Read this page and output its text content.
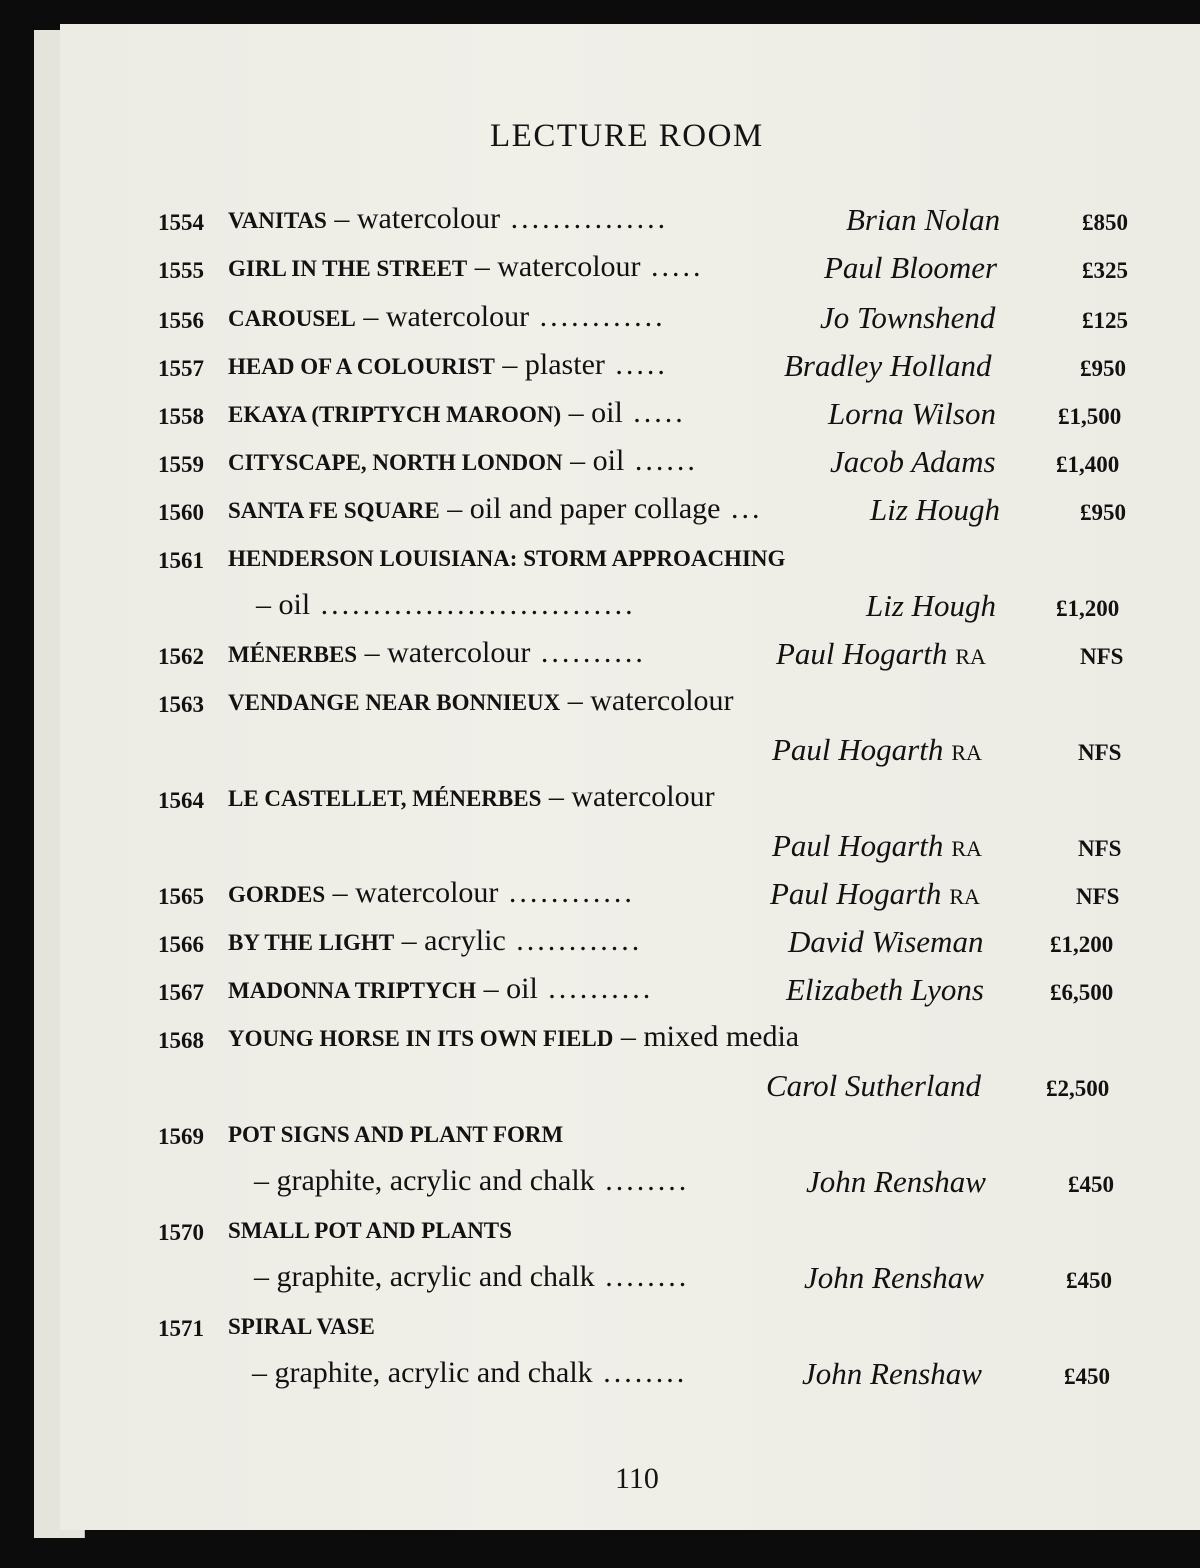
LECTURE ROOM
1554 VANITAS – watercolour ...............	Brian Nolan	£850
1555 GIRL IN THE STREET – watercolour .....	Paul Bloomer	£325
1556 CAROUSEL – watercolour ............	Jo Townshend	£125
1557 HEAD OF A COLOURIST – plaster .....	Bradley Holland	£950
1558 EKAYA (TRIPTYCH MAROON) – oil .....	Lorna Wilson	£1,500
1559 CITYSCAPE, NORTH LONDON – oil ......	Jacob Adams	£1,400
1560 SANTA FE SQUARE – oil and paper collage ...	Liz Hough	£950
1561 HENDERSON LOUISIANA: STORM APPROACHING
– oil ..............................	Liz Hough	£1,200
1562 MÉNERBES – watercolour ..........	Paul Hogarth RA	NFS
1563 VENDANGE NEAR BONNIEUX – watercolour
Paul Hogarth RA	NFS
1564 LE CASTELLET, MÉNERBES – watercolour
Paul Hogarth RA	NFS
1565 GORDES – watercolour ............	Paul Hogarth RA	NFS
1566 BY THE LIGHT – acrylic ............	David Wiseman	£1,200
1567 MADONNA TRIPTYCH – oil ..........	Elizabeth Lyons	£6,500
1568 YOUNG HORSE IN ITS OWN FIELD – mixed media
Carol Sutherland	£2,500
1569 POT SIGNS AND PLANT FORM
– graphite, acrylic and chalk ........	John Renshaw	£450
1570 SMALL POT AND PLANTS
– graphite, acrylic and chalk ........	John Renshaw	£450
1571 SPIRAL VASE
– graphite, acrylic and chalk ........	John Renshaw	£450
110
